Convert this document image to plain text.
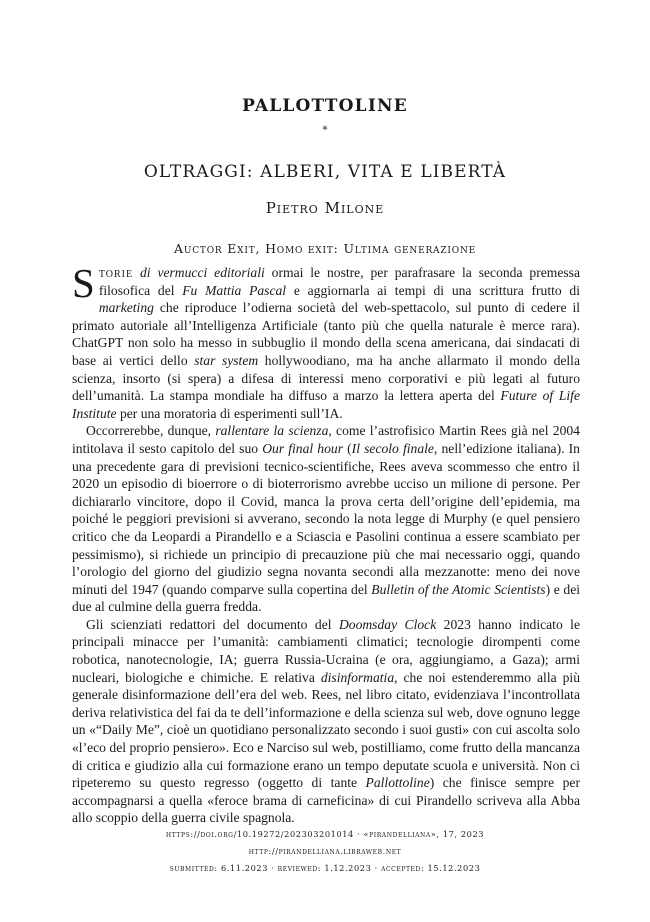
PALLOTTOLINE
*
OLTRAGGI: ALBERI, VITA E LIBERTÀ
Pietro Milone
Auctor Exit, Homo exit: Ultima generazione

Storie di vermucci editoriali ormai le nostre, per parafrasare la seconda premessa filosofica del Fu Mattia Pascal e aggiornarla ai tempi di una scrittura frutto di marketing che riproduce l’odierna società del web-spettacolo, sul punto di cedere il primato autoriale all’Intelligenza Artificiale (tanto più che quella naturale è merce rara). ChatGPT non solo ha messo in subbuglio il mondo della scena americana, dai sindacati di base ai vertici dello star system hollywoodiano, ma ha anche allarmato il mondo della scienza, insorto (si spera) a difesa di interessi meno corporativi e più legati al futuro dell’umanità. La stampa mondiale ha diffuso a marzo la lettera aperta del Future of Life Institute per una moratoria di esperimenti sull’IA.

Occorrerebbe, dunque, rallentare la scienza, come l’astrofisico Martin Rees già nel 2004 intitolava il sesto capitolo del suo Our final hour (Il secolo finale, nell’edizione italiana). In una precedente gara di previsioni tecnico-scientifiche, Rees aveva scommesso che entro il 2020 un episodio di bioerrore o di bioterrorismo avrebbe ucciso un milione di persone. Per dichiararlo vincitore, dopo il Covid, manca la prova certa dell’origine dell’epidemia, ma poiché le peggiori previsioni si avverano, secondo la nota legge di Murphy (e quel pensiero critico che da Leopardi a Pirandello e a Sciascia e Pasolini continua a essere scambiato per pessimismo), si richiede un principio di precauzione più che mai necessario oggi, quando l’orologio del giorno del giudizio segna novanta secondi alla mezzanotte: meno dei nove minuti del 1947 (quando comparve sulla copertina del Bulletin of the Atomic Scientists) e dei due al culmine della guerra fredda.

Gli scienziati redattori del documento del Doomsday Clock 2023 hanno indicato le principali minacce per l’umanità: cambiamenti climatici; tecnologie dirompenti come robotica, nanotecnologie, IA; guerra Russia-Ucraina (e ora, aggiungiamo, a Gaza); armi nucleari, biologiche e chimiche. E relativa disinformatia, che noi estenderemmo alla più generale disinformazione dell’era del web. Rees, nel libro citato, evidenziava l’incontrollata deriva relativistica del fai da te dell’informazione e della scienza sul web, dove ognuno legge un «“Daily Me”, cioè un quotidiano personalizzato secondo i suoi gusti» con cui ascolta solo «l’eco del proprio pensiero». Eco e Narciso sul web, postilliamo, come frutto della mancanza di critica e giudizio alla cui formazione erano un tempo deputate scuola e università. Non ci ripeteremo su questo regresso (oggetto di tante Pallottoline) che finisce sempre per accompagnarsi a quella «feroce brama di carneficina» di cui Pirandello scriveva alla Abba allo scoppio della guerra civile spagnola.

https://doi.org/10.19272/202303201014 · «pirandelliana», 17, 2023
http://pirandelliana.libraweb.net
submitted: 6.11.2023 · reviewed: 1.12.2023 · accepted: 15.12.2023
